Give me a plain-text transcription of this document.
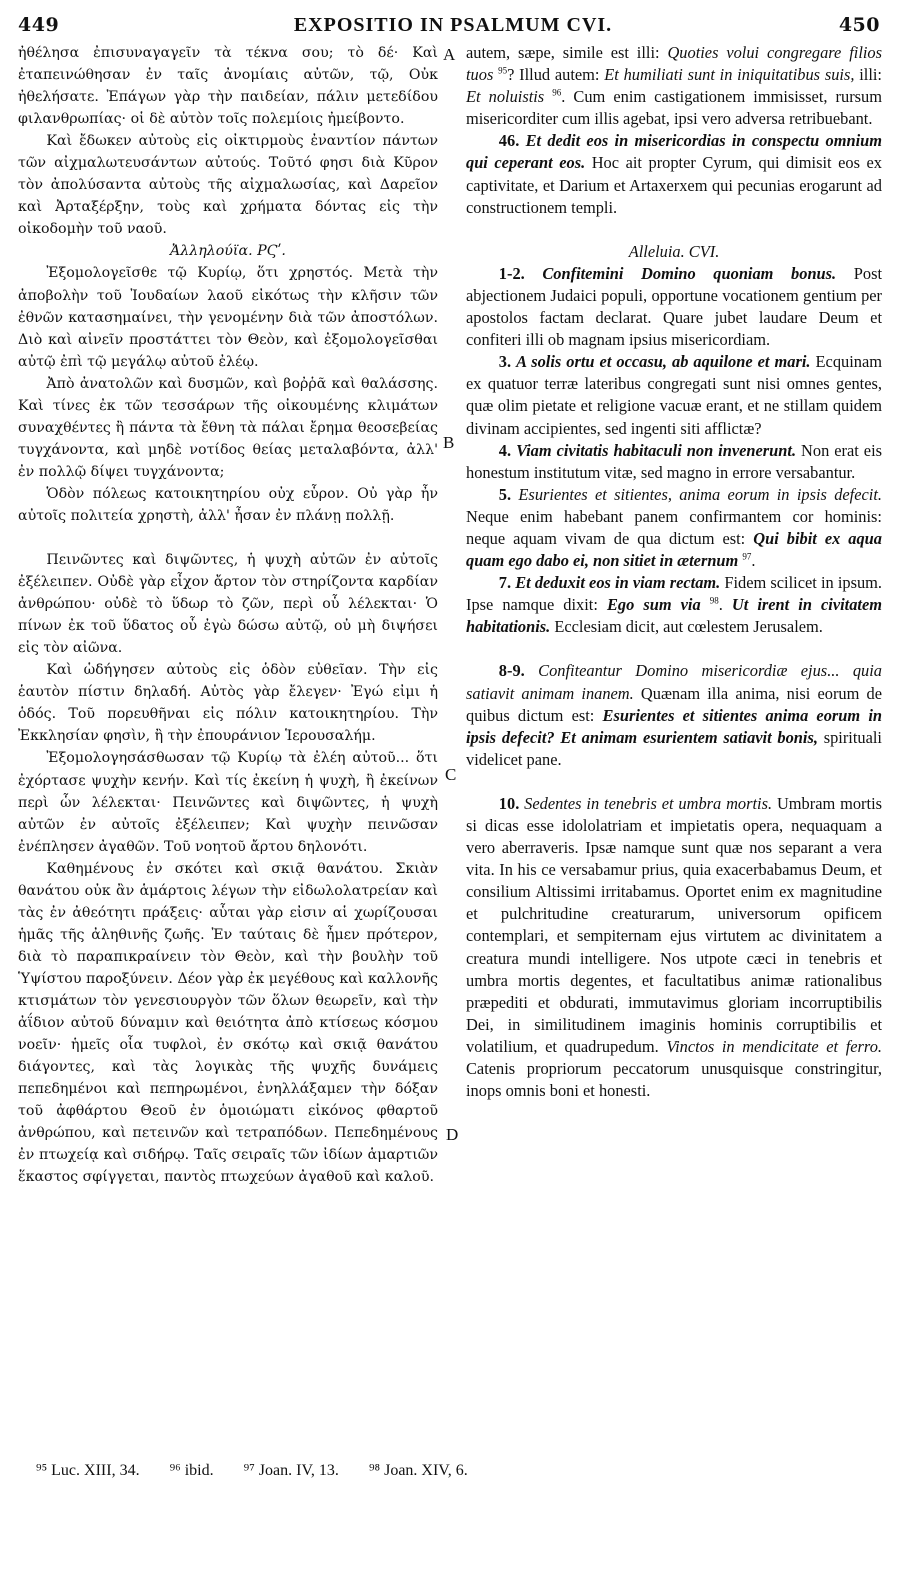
449	EXPOSITIO IN PSALMUM CVI.	450

ἠθέλησα ἐπισυναγαγεῖν τὰ τέκνα σου; τὸ δέ· Καὶ ἐταπεινώθησαν ἐν ταῖς ἀνομίαις αὐτῶν, τῷ, Οὐκ ἠθελήσατε. Ἐπάγων γὰρ τὴν παιδείαν, πάλιν μετεδίδου φιλανθρωπίας· οἱ δὲ αὐτὸν τοῖς πολεμίοις ἠμείβοντο.

Καὶ ἔδωκεν αὐτοὺς εἰς οἰκτιρμοὺς ἐναντίον πάντων τῶν αἰχμαλωτευσάντων αὐτούς. Τοῦτό φησι διὰ Κῦρον τὸν ἀπολύσαντα αὐτοὺς τῆς αἰχμαλωσίας, καὶ Δαρεῖον καὶ Ἀρταξέρξην, τοὺς καὶ χρήματα δόντας εἰς τὴν οἰκοδομὴν τοῦ ναοῦ.

Ἀλληλούϊα. ΡϚʹ.

Ἐξομολογεῖσθε τῷ Κυρίῳ, ὅτι χρηστός. Μετὰ τὴν ἀποβολὴν τοῦ Ἰουδαίων λαοῦ εἰκότως τὴν κλῆσιν τῶν ἐθνῶν κατασημαίνει, τὴν γενομένην διὰ τῶν ἀποστόλων. Διὸ καὶ αἰνεῖν προστάττει τὸν Θεὸν, καὶ ἐξομολογεῖσθαι αὐτῷ ἐπὶ τῷ μεγάλῳ αὐτοῦ ἐλέῳ.

Ἀπὸ ἀνατολῶν καὶ δυσμῶν, καὶ βοῤῥᾶ καὶ θαλάσσης. Καὶ τίνες ἐκ τῶν τεσσάρων τῆς οἰκουμένης κλιμάτων συναχθέντες ἢ πάντα τὰ ἔθνη τὰ πάλαι ἔρημα θεοσεβείας τυγχάνοντα, καὶ μηδὲ νοτίδος θείας μεταλαβόντα, ἀλλ' ἐν πολλῷ δίψει τυγχάνοντα;

Ὁδὸν πόλεως κατοικητηρίου οὐχ εὗρον. Οὐ γὰρ ἦν αὐτοῖς πολιτεία χρηστὴ, ἀλλ' ἦσαν ἐν πλάνῃ πολλῇ.

Πεινῶντες καὶ διψῶντες, ἡ ψυχὴ αὐτῶν ἐν αὐτοῖς ἐξέλειπεν. Οὐδὲ γὰρ εἶχον ἄρτον τὸν στηρίζοντα καρδίαν ἀνθρώπου· οὐδὲ τὸ ὕδωρ τὸ ζῶν, περὶ οὗ λέλεκται· Ὁ πίνων ἐκ τοῦ ὕδατος οὗ ἐγὼ δώσω αὐτῷ, οὐ μὴ διψήσει εἰς τὸν αἰῶνα.

Καὶ ὡδήγησεν αὐτοὺς εἰς ὁδὸν εὐθεῖαν. Τὴν εἰς ἑαυτὸν πίστιν δηλαδή. Αὐτὸς γὰρ ἔλεγεν· Ἐγώ εἰμι ἡ ὁδός. Τοῦ πορευθῆναι εἰς πόλιν κατοικητηρίου. Τὴν Ἐκκλησίαν φησὶν, ἢ τὴν ἐπουράνιον Ἱερουσαλήμ.

Ἐξομολογησάσθωσαν τῷ Κυρίῳ τὰ ἐλέη αὐτοῦ... ὅτι ἐχόρτασε ψυχὴν κενήν. Καὶ τίς ἐκείνη ἡ ψυχὴ, ἢ ἐκείνων περὶ ὧν λέλεκται· Πεινῶντες καὶ διψῶντες, ἡ ψυχὴ αὐτῶν ἐν αὐτοῖς ἐξέλειπεν; Καὶ ψυχὴν πεινῶσαν ἐνέπλησεν ἀγαθῶν. Τοῦ νοητοῦ ἄρτου δηλονότι.

Καθημένους ἐν σκότει καὶ σκιᾷ θανάτου. Σκιὰν θανάτου οὐκ ἂν ἁμάρτοις λέγων τὴν εἰδωλολατρείαν καὶ τὰς ἐν ἀθεότητι πράξεις· αὗται γὰρ εἰσιν αἱ χωρίζουσαι ἡμᾶς τῆς ἀληθινῆς ζωῆς. Ἐν ταύταις δὲ ἦμεν πρότερον, διὰ τὸ παραπικραίνειν τὸν Θεὸν, καὶ τὴν βουλὴν τοῦ Ὑψίστου παροξύνειν. Δέον γὰρ ἐκ μεγέθους καὶ καλλονῆς κτισμάτων τὸν γενεσιουργὸν τῶν ὅλων θεωρεῖν, καὶ τὴν ἀΐδιον αὐτοῦ δύναμιν καὶ θειότητα ἀπὸ κτίσεως κόσμου νοεῖν· ἡμεῖς οἷα τυφλοὶ, ἐν σκότῳ καὶ σκιᾷ θανάτου διάγοντες, καὶ τὰς λογικὰς τῆς ψυχῆς δυνάμεις πεπεδημένοι καὶ πεπηρωμένοι, ἐνηλλάξαμεν τὴν δόξαν τοῦ ἀφθάρτου Θεοῦ ἐν ὁμοιώματι εἰκόνος φθαρτοῦ ἀνθρώπου, καὶ πετεινῶν καὶ τετραπόδων. Πεπεδημένους ἐν πτωχείᾳ καὶ σιδήρῳ. Ταῖς σειραῖς τῶν ἰδίων ἁμαρτιῶν ἕκαστος σφίγγεται, παντὸς πτωχεύων ἀγαθοῦ καὶ καλοῦ.

autem, sæpe, simile est illi: Quoties volui congregare filios tuos $^{95}$? Illud autem: Et humiliati sunt in iniquitatibus suis, illi: Et noluistis $^{96}$. Cum enim castigationem immisisset, rursum misericorditer cum illis agebat, ipsi vero adversa retribuebant.

46. Et dedit eos in misericordias in conspectu omnium qui ceperant eos. Hoc ait propter Cyrum, qui dimisit eos ex captivitate, et Darium et Artaxerxem qui pecunias erogarunt ad constructionem templi.

Alleluia. CVI.

1-2. Confitemini Domino quoniam bonus. Post abjectionem Judaici populi, opportune vocationem gentium per apostolos factam declarat. Quare jubet laudare Deum et confiteri illi ob magnam ipsius misericordiam.

3. A solis ortu et occasu, ab aquilone et mari. Ecquinam ex quatuor terræ lateribus congregati sunt nisi omnes gentes, quæ olim pietate et religione vacuæ erant, et ne stillam quidem divinam accipientes, sed ingenti siti afflictæ?

4. Viam civitatis habitaculi non invenerunt. Non erat eis honestum institutum vitæ, sed magno in errore versabantur.

5. Esurientes et sitientes, anima eorum in ipsis defecit. Neque enim habebant panem confirmantem cor hominis: neque aquam vivam de qua dictum est: Qui bibit ex aqua quam ego dabo ei, non sitiet in æternum $^{97}$.

7. Et deduxit eos in viam rectam. Fidem scilicet in ipsum. Ipse namque dixit: Ego sum via $^{98}$. Ut irent in civitatem habitationis. Ecclesiam dicit, aut cœlestem Jerusalem.

8-9. Confiteantur Domino misericordiæ ejus... quia satiavit animam inanem. Quænam illa anima, nisi eorum de quibus dictum est: Esurientes et sitientes anima eorum in ipsis defecit? Et animam esurientem satiavit bonis, spirituali videlicet pane.

10. Sedentes in tenebris et umbra mortis. Umbram mortis si dicas esse idololatriam et impietatis opera, nequaquam a vero aberraveris. Ipsæ namque sunt quæ nos separant a vera vita. In his ce versabamur prius, quia exacerbabamus Deum, et consilium Altissimi irritabamus. Oportet enim ex magnitudine et pulchritudine creaturarum, universorum opificem contemplari, et sempiternam ejus virtutem ac divinitatem a creatura mundi intelligere. Nos utpote cæci in tenebris et umbra mortis degentes, et facultatibus animæ rationalibus præpediti et obdurati, immutavimus gloriam incorruptibilis Dei, in similitudinem imaginis hominis corruptibilis et volatilium, et quadrupedum. Vinctos in mendicitate et ferro. Catenis propriorum peccatorum unusquisque constringitur, inops omnis boni et honesti.

A
B
C
D
⁹⁵ Luc. XIII, 34. ⁹⁶ ibid. ⁹⁷ Joan. IV, 13. ⁹⁸ Joan. XIV, 6.
